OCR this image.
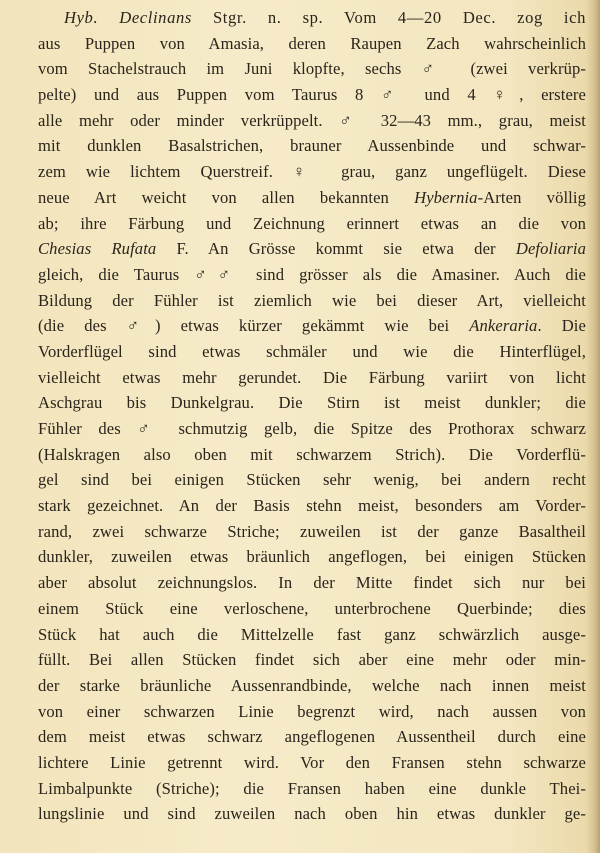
Hyb. Declinans Stgr. n. sp. Vom 4—20 Dec. zog ich
aus Puppen von Amasia, deren Raupen Zach wahrscheinlich
vom Stachelstrauch im Juni klopfte, sechs ♂ (zwei verkrüp-
pelte) und aus Puppen vom Taurus 8 ♂ und 4 ♀, erstere
alle mehr oder minder verkrüppelt. ♂ 32—43 mm., grau, meist
mit dunklen Basalstrichen, brauner Aussenbinde und schwar-
zem wie lichtem Querstreif. ♀ grau, ganz ungeflügelt. Diese
neue Art weicht von allen bekannten Hybernia-Arten völlig
ab; ihre Färbung und Zeichnung erinnert etwas an die von
Chesias Rufata F. An Grösse kommt sie etwa der Defoliaria
gleich, die Taurus ♂♂ sind grösser als die Amasiner. Auch die
Bildung der Fühler ist ziemlich wie bei dieser Art, vielleicht
(die des ♂) etwas kürzer gekämmt wie bei Ankeraria. Die
Vorderflügel sind etwas schmäler und wie die Hinterflügel,
vielleicht etwas mehr gerundet. Die Färbung variirt von licht
Aschgrau bis Dunkelgrau. Die Stirn ist meist dunkler; die
Fühler des ♂ schmutzig gelb, die Spitze des Prothorax schwarz
(Halskragen also oben mit schwarzem Strich). Die Vorderflü-
gel sind bei einigen Stücken sehr wenig, bei andern recht
stark gezeichnet. An der Basis stehn meist, besonders am Vorder-
rand, zwei schwarze Striche; zuweilen ist der ganze Basaltheil
dunkler, zuweilen etwas bräunlich angeflogen, bei einigen Stücken
aber absolut zeichnungslos. In der Mitte findet sich nur bei
einem Stück eine verloschene, unterbrochene Querbinde; dies
Stück hat auch die Mittelzelle fast ganz schwärzlich ausge-
füllt. Bei allen Stücken findet sich aber eine mehr oder min-
der starke bräunliche Aussenrandbinde, welche nach innen meist
von einer schwarzen Linie begrenzt wird, nach aussen von
dem meist etwas schwarz angeflogenen Aussentheil durch eine
lichtere Linie getrennt wird. Vor den Fransen stehn schwarze
Limbalpunkte (Striche); die Fransen haben eine dunkle Thei-
lungslinie und sind zuweilen nach oben hin etwas dunkler ge-
